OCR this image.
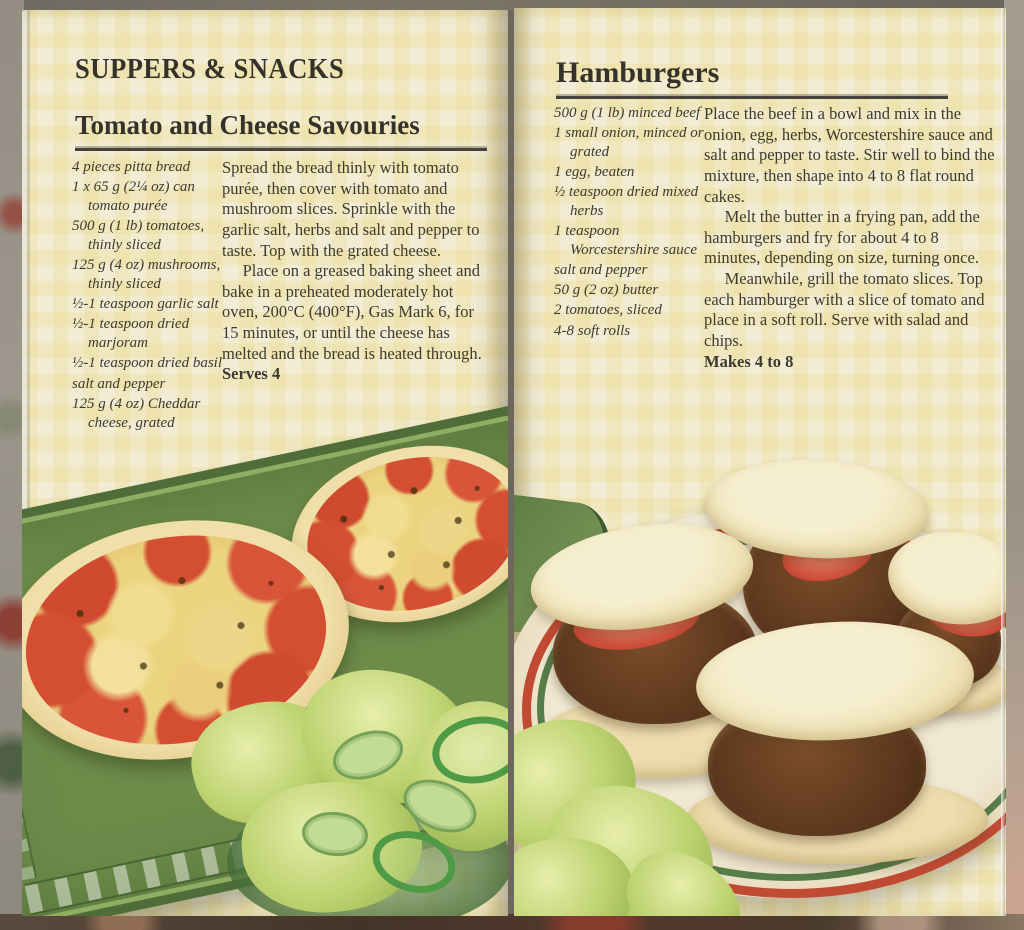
SUPPERS & SNACKS
Tomato and Cheese Savouries
4 pieces pitta bread
1 x 65 g (2¼ oz) can tomato purée
500 g (1 lb) tomatoes, thinly sliced
125 g (4 oz) mushrooms, thinly sliced
½-1 teaspoon garlic salt
½-1 teaspoon dried marjoram
½-1 teaspoon dried basil
salt and pepper
125 g (4 oz) Cheddar cheese, grated

Spread the bread thinly with tomato purée, then cover with tomato and mushroom slices. Sprinkle with the garlic salt, herbs and salt and pepper to taste. Top with the grated cheese.

Place on a greased baking sheet and bake in a preheated moderately hot oven, 200°C (400°F), Gas Mark 6, for 15 minutes, or until the cheese has melted and the bread is heated through.

Serves 4

Hamburgers
500 g (1 lb) minced beef
1 small onion, minced or grated
1 egg, beaten
½ teaspoon dried mixed herbs
1 teaspoon Worcestershire sauce
salt and pepper
50 g (2 oz) butter
2 tomatoes, sliced
4-8 soft rolls

Place the beef in a bowl and mix in the onion, egg, herbs, Worcestershire sauce and salt and pepper to taste. Stir well to bind the mixture, then shape into 4 to 8 flat round cakes.

Melt the butter in a frying pan, add the hamburgers and fry for about 4 to 8 minutes, depending on size, turning once.

Meanwhile, grill the tomato slices. Top each hamburger with a slice of tomato and place in a soft roll. Serve with salad and chips.

Makes 4 to 8
